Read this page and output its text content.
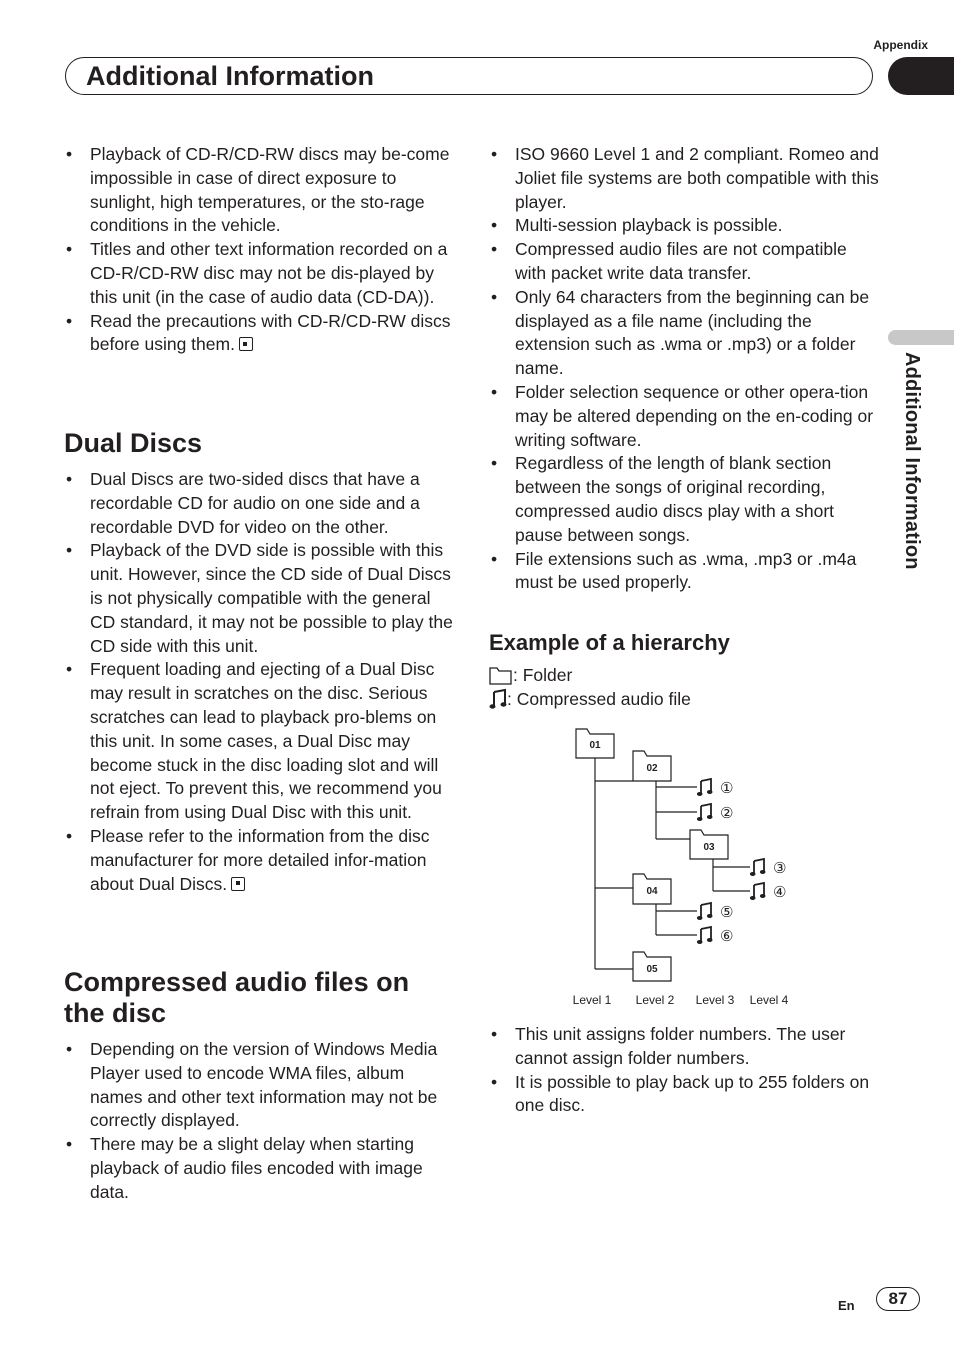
Appendix
Additional Information
Additional Information
• Playback of CD-R/CD-RW discs may be-come impossible in case of direct exposure to sunlight, high temperatures, or the sto-rage conditions in the vehicle.
• Titles and other text information recorded on a CD-R/CD-RW disc may not be dis-played by this unit (in the case of audio data (CD-DA)).
• Read the precautions with CD-R/CD-RW discs before using them.
Dual Discs
• Dual Discs are two-sided discs that have a recordable CD for audio on one side and a recordable DVD for video on the other.
• Playback of the DVD side is possible with this unit. However, since the CD side of Dual Discs is not physically compatible with the general CD standard, it may not be possible to play the CD side with this unit.
• Frequent loading and ejecting of a Dual Disc may result in scratches on the disc. Serious scratches can lead to playback pro-blems on this unit. In some cases, a Dual Disc may become stuck in the disc loading slot and will not eject. To prevent this, we recommend you refrain from using Dual Disc with this unit.
• Please refer to the information from the disc manufacturer for more detailed infor-mation about Dual Discs.
Compressed audio files on the disc
• Depending on the version of Windows Media Player used to encode WMA files, album names and other text information may not be correctly displayed.
• There may be a slight delay when starting playback of audio files encoded with image data.
• ISO 9660 Level 1 and 2 compliant. Romeo and Joliet file systems are both compatible with this player.
• Multi-session playback is possible.
• Compressed audio files are not compatible with packet write data transfer.
• Only 64 characters from the beginning can be displayed as a file name (including the extension such as .wma or .mp3) or a folder name.
• Folder selection sequence or other opera-tion may be altered depending on the en-coding or writing software.
• Regardless of the length of blank section between the songs of original recording, compressed audio discs play with a short pause between songs.
• File extensions such as .wma, .mp3 or .m4a must be used properly.
Example of a hierarchy
: Folder
: Compressed audio file
01
02
03
04
05
①
②
③
④
⑤
⑥
Level 1 Level 2 Level 3 Level 4
• This unit assigns folder numbers. The user cannot assign folder numbers.
• It is possible to play back up to 255 folders on one disc.
En	87
